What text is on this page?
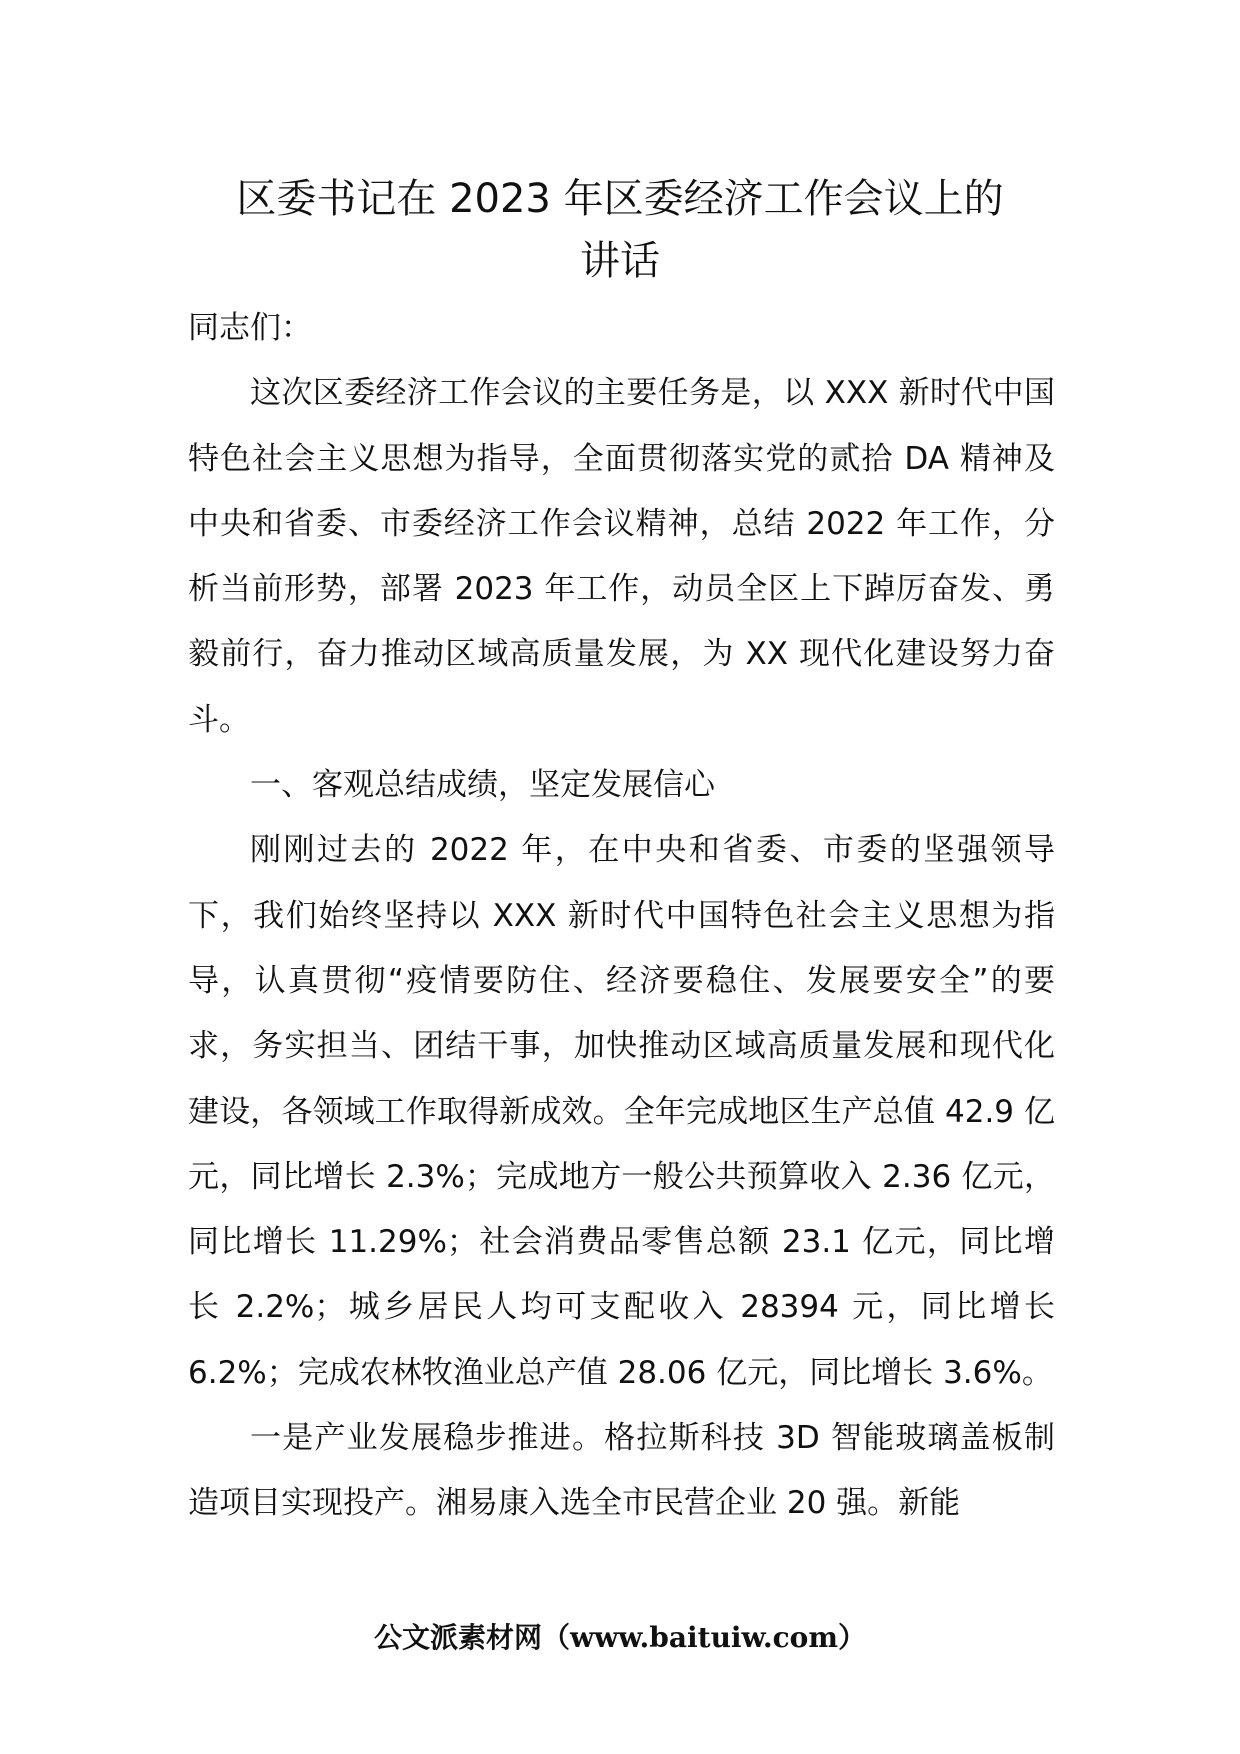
区委书记在 2023 年区委经济工作会议上的
讲话

同志们：

这次区委经济工作会议的主要任务是，以 XXX 新时代中国特色社会主义思想为指导，全面贯彻落实党的贰拾 DA 精神及中央和省委、市委经济工作会议精神，总结 2022 年工作，分析当前形势，部署 2023 年工作，动员全区上下踔厉奋发、勇毅前行，奋力推动区域高质量发展，为 XX 现代化建设努力奋斗。

一、客观总结成绩，坚定发展信心

刚刚过去的 2022 年，在中央和省委、市委的坚强领导下，我们始终坚持以 XXX 新时代中国特色社会主义思想为指导，认真贯彻“疫情要防住、经济要稳住、发展要安全”的要求，务实担当、团结干事，加快推动区域高质量发展和现代化建设，各领域工作取得新成效。全年完成地区生产总值 42.9 亿元，同比增长 2.3%；完成地方一般公共预算收入 2.36 亿元，同比增长 11.29%；社会消费品零售总额 23.1 亿元，同比增长 2.2%；城乡居民人均可支配收入 28394 元，同比增长 6.2%；完成农林牧渔业总产值 28.06 亿元，同比增长 3.6%。

一是产业发展稳步推进。格拉斯科技 3D 智能玻璃盖板制造项目实现投产。湘易康入选全市民营企业 20 强。新能

公文派素材网（www.baituiw.com）
